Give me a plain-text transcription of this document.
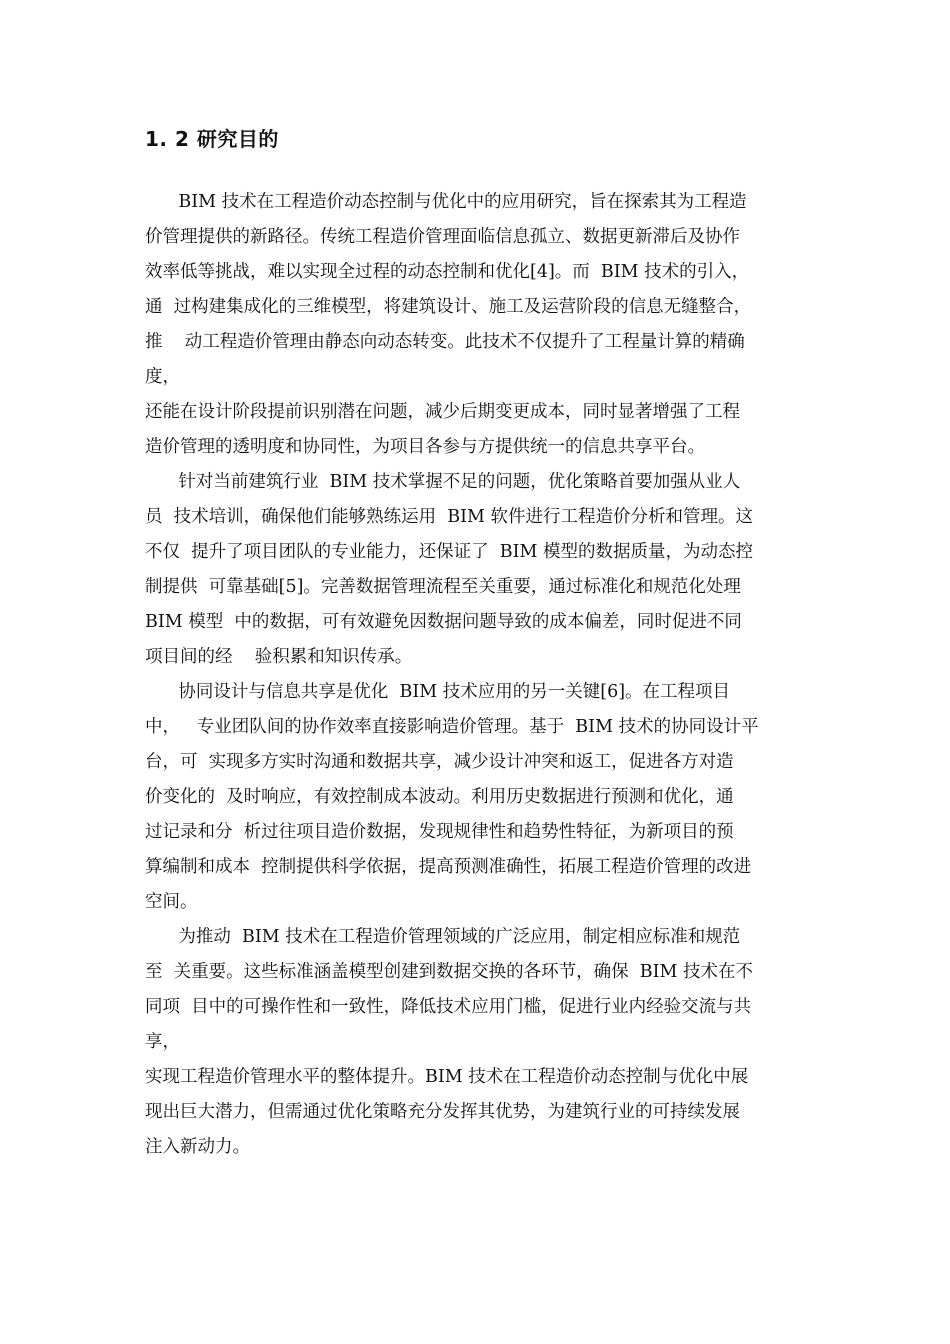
1. 2 研究目的
BIM 技术在工程造价动态控制与优化中的应用研究，旨在探索其为工程造
价管理提供的新路径。传统工程造价管理面临信息孤立、数据更新滞后及协作
效率低等挑战，难以实现全过程的动态控制和优化[4]。而  BIM 技术的引入，
通  过构建集成化的三维模型，将建筑设计、施工及运营阶段的信息无缝整合，
推    动工程造价管理由静态向动态转变。此技术不仅提升了工程量计算的精确
度，
还能在设计阶段提前识别潜在问题，减少后期变更成本，同时显著增强了工程
造价管理的透明度和协同性，为项目各参与方提供统一的信息共享平台。
针对当前建筑行业  BIM 技术掌握不足的问题，优化策略首要加强从业人
员  技术培训，确保他们能够熟练运用  BIM 软件进行工程造价分析和管理。这
不仅  提升了项目团队的专业能力，还保证了  BIM 模型的数据质量，为动态控
制提供  可靠基础[5]。完善数据管理流程至关重要，通过标准化和规范化处理
BIM 模型  中的数据，可有效避免因数据问题导致的成本偏差，同时促进不同
项目间的经    验积累和知识传承。
协同设计与信息共享是优化  BIM 技术应用的另一关键[6]。在工程项目
中，   专业团队间的协作效率直接影响造价管理。基于  BIM 技术的协同设计平
台，可  实现多方实时沟通和数据共享，减少设计冲突和返工，促进各方对造
价变化的  及时响应，有效控制成本波动。利用历史数据进行预测和优化，通
过记录和分  析过往项目造价数据，发现规律性和趋势性特征，为新项目的预
算编制和成本  控制提供科学依据，提高预测准确性，拓展工程造价管理的改进
空间。
为推动  BIM 技术在工程造价管理领域的广泛应用，制定相应标准和规范
至  关重要。这些标准涵盖模型创建到数据交换的各环节，确保  BIM 技术在不
同项  目中的可操作性和一致性，降低技术应用门槛，促进行业内经验交流与共
享，
实现工程造价管理水平的整体提升。BIM 技术在工程造价动态控制与优化中展
现出巨大潜力，但需通过优化策略充分发挥其优势，为建筑行业的可持续发展
注入新动力。
